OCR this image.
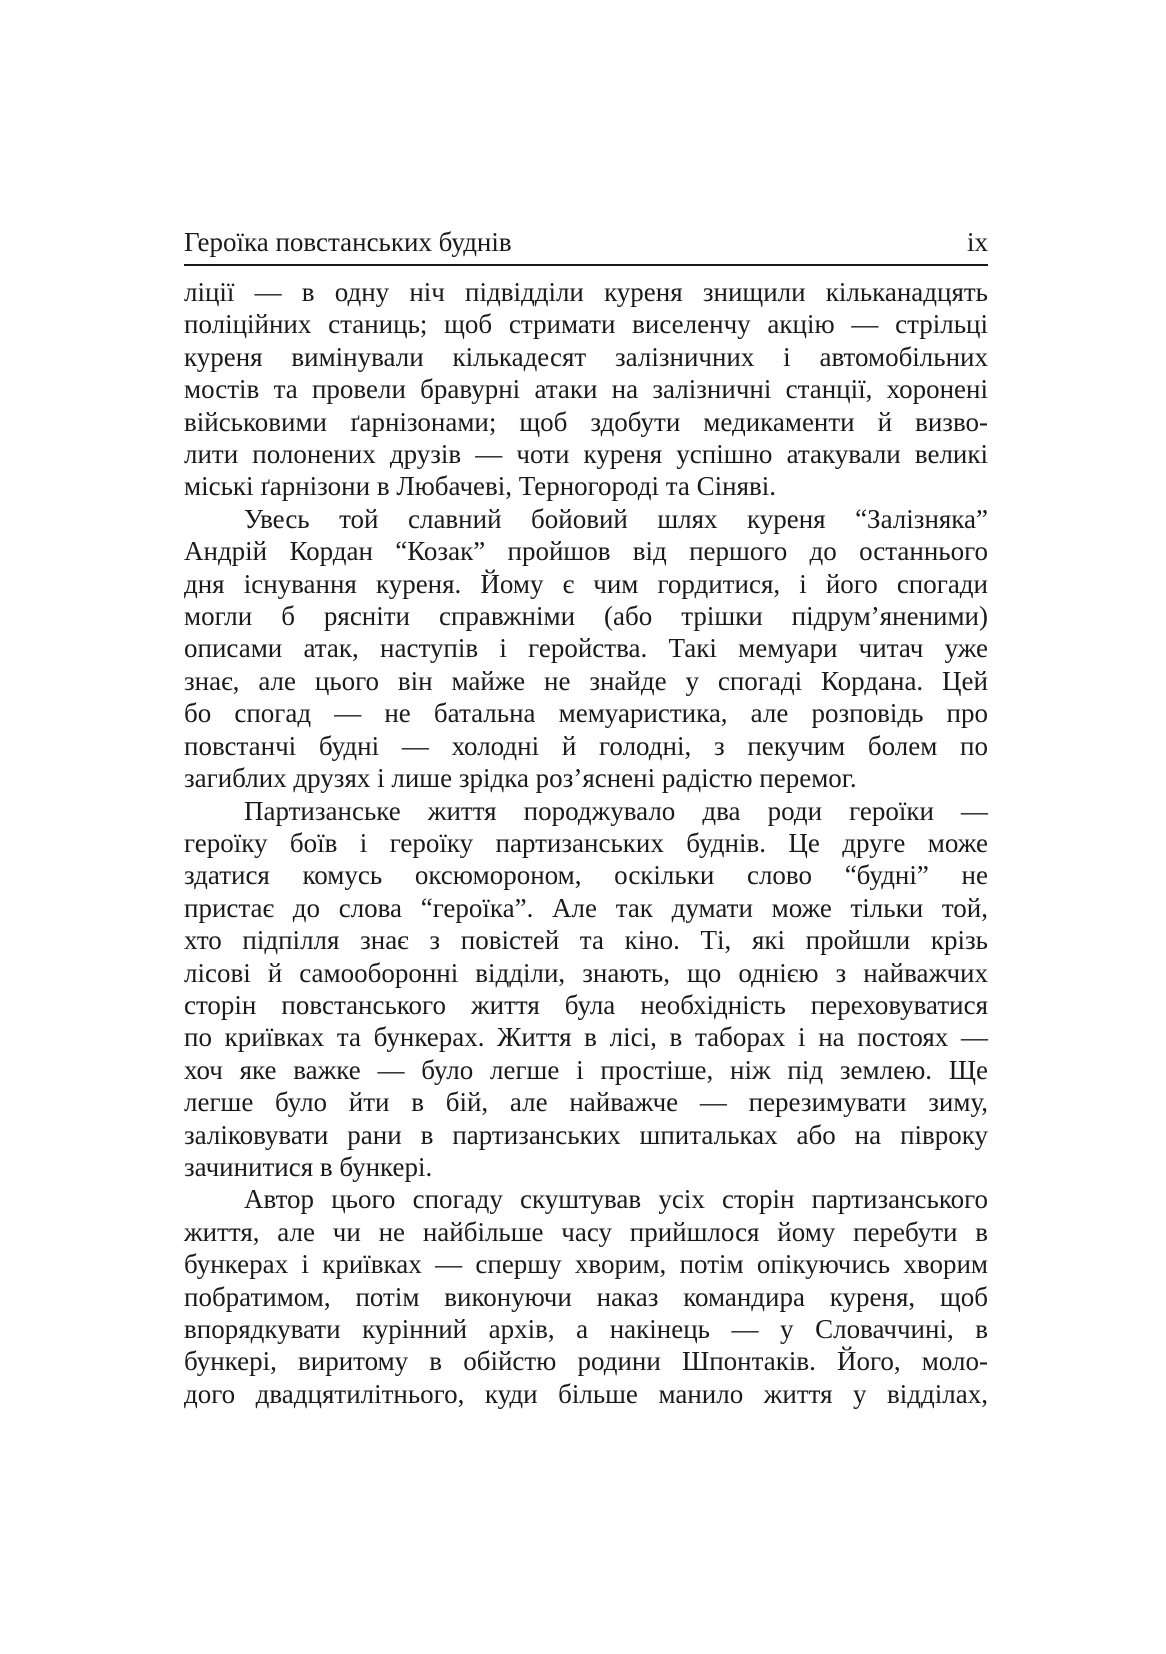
Героїка повстанських буднів	ix
ліції — в одну ніч підвідділи куреня знищили кільканадцять
поліційних станиць; щоб стримати виселенчу акцію — стрільці
куреня вимінували кількадесят залізничних і автомобільних
мостів та провели бравурні атаки на залізничні станції, хоронені
військовими ґарнізонами; щоб здобути медикаменти й визво-
лити полонених друзів — чоти куреня успішно атакували великі
міські ґарнізони в Любачеві, Терногороді та Сіняві.
Увесь той славний бойовий шлях куреня “Залізняка”
Андрій Кордан “Козак” пройшов від першого до останнього
дня існування куреня. Йому є чим гордитися, і його спогади
могли б рясніти справжніми (або трішки підрум’яненими)
описами атак, наступів і геройства. Такі мемуари читач уже
знає, але цього він майже не знайде у спогаді Кордана. Цей
бо спогад — не батальна мемуаристика, але розповідь про
повстанчі будні — холодні й голодні, з пекучим болем по
загиблих друзях і лише зрідка роз’яснені радістю перемог.
Партизанське життя породжувало два роди героїки —
героїку боїв і героїку партизанських буднів. Це друге може
здатися комусь оксюмороном, оскільки слово “будні” не
пристає до слова “героїка”. Але так думати може тільки той,
хто підпілля знає з повістей та кіно. Ті, які пройшли крізь
лісові й самооборонні відділи, знають, що однією з найважчих
сторін повстанського життя була необхідність переховуватися
по криївках та бункерах. Життя в лісі, в таборах і на постоях —
хоч яке важке — було легше і простіше, ніж під землею. Ще
легше було йти в бій, але найважче — перезимувати зиму,
заліковувати рани в партизанських шпитальках або на півроку
зачинитися в бункері.
Автор цього спогаду скуштував усіх сторін партизанського
життя, але чи не найбільше часу прийшлося йому перебути в
бункерах і криївках — спершу хворим, потім опікуючись хворим
побратимом, потім виконуючи наказ командира куреня, щоб
впорядкувати курінний архів, а накінець — у Словаччині, в
бункері, виритому в обійстю родини Шпонтаків. Його, моло-
дого двадцятилітнього, куди більше манило життя у відділах,
